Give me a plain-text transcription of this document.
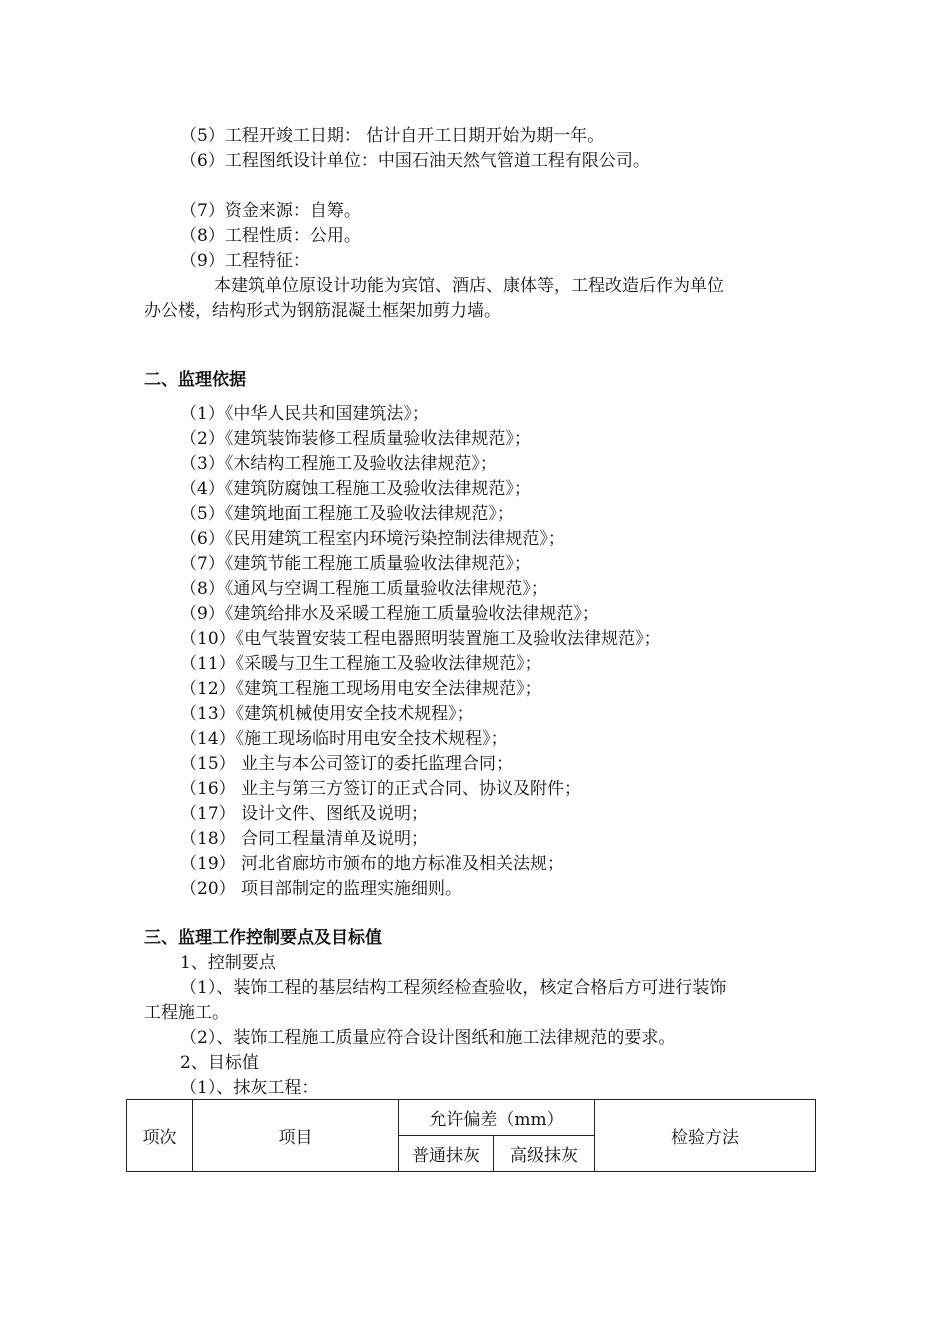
（5）工程开竣工日期： 估计自开工日期开始为期一年。
（6）工程图纸设计单位：中国石油天然气管道工程有限公司。
（7）资金来源：自筹。
（8）工程性质：公用。
（9）工程特征：
本建筑单位原设计功能为宾馆、酒店、康体等，工程改造后作为单位
办公楼，结构形式为钢筋混凝土框架加剪力墙。
二、监理依据
（1）《中华人民共和国建筑法》；
（2）《建筑装饰装修工程质量验收法律规范》；
（3）《木结构工程施工及验收法律规范》；
（4）《建筑防腐蚀工程施工及验收法律规范》；
（5）《建筑地面工程施工及验收法律规范》；
（6）《民用建筑工程室内环境污染控制法律规范》；
（7）《建筑节能工程施工质量验收法律规范》；
（8）《通风与空调工程施工质量验收法律规范》；
（9）《建筑给排水及采暖工程施工质量验收法律规范》；
（10）《电气装置安装工程电器照明装置施工及验收法律规范》；
（11）《采暖与卫生工程施工及验收法律规范》；
（12）《建筑工程施工现场用电安全法律规范》；
（13）《建筑机械使用安全技术规程》；
（14）《施工现场临时用电安全技术规程》；
（15） 业主与本公司签订的委托监理合同；
（16） 业主与第三方签订的正式合同、协议及附件；
（17） 设计文件、图纸及说明；
（18） 合同工程量清单及说明；
（19） 河北省廊坊市颁布的地方标准及相关法规；
（20） 项目部制定的监理实施细则。
三、监理工作控制要点及目标值
1、控制要点
（1）、装饰工程的基层结构工程须经检查验收，核定合格后方可进行装饰
工程施工。
（2）、装饰工程施工质量应符合设计图纸和施工法律规范的要求。
2、目标值
（1）、抹灰工程：
项次	项目	允许偏差（mm）		检验方法
		普通抹灰	高级抹灰	
